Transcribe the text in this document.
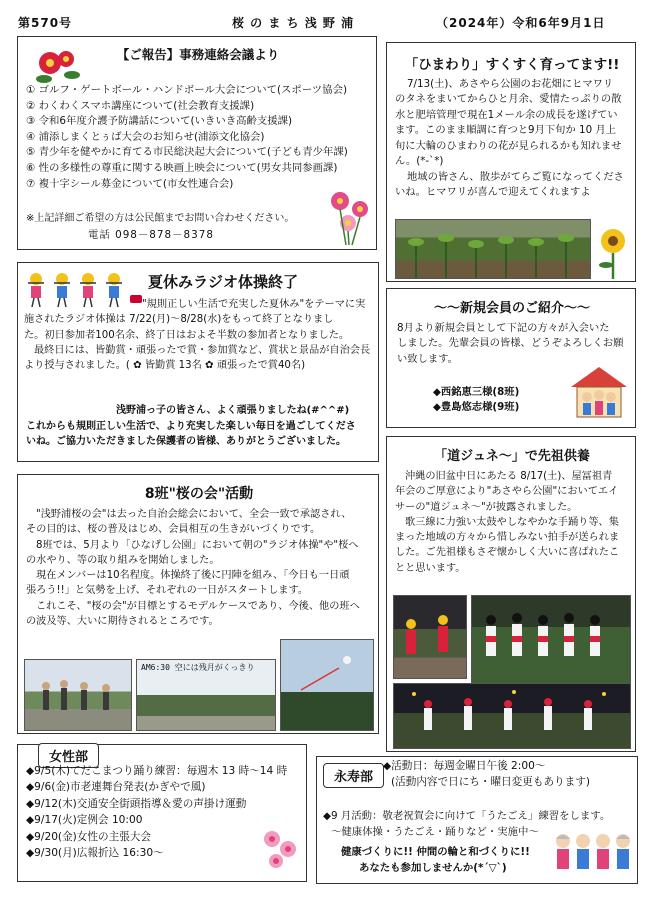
第570号	桜 の ま ち 浅 野 浦	（2024年）令和6年9月1日
【ご報告】事務連絡会議より
① ゴルフ・ゲートボール・ハンドボール大会について(スポーツ協会)
② わくわくスマホ講座について(社会教育支援課)
③ 令和6年度介護予防講話について(いきいき高齢支援課)
④ 浦添しまくとぅば大会のお知らせ(浦添文化協会)
⑤ 青少年を健やかに育てる市民総決起大会について(子ども青少年課)
⑥ 性の多様性の尊重に関する映画上映会について(男女共同参画課)
⑦ 複十字シール募金について(市女性連合会)
※上記詳細ご希望の方は公民館までお問い合わせください。
電話 098－878－8378
夏休みラジオ体操終了
"規則正しい生活で充実した夏休み"をテーマに実
施されたラジオ体操は 7/22(月)～8/28(水)をもって終了となりまし
た。初日参加者100名余、終了日はおよそ半数の参加者となりました。
最終日には、皆勤賞・頑張ったで賞・参加賞など、賞状と景品が自治会長
より授与されました。( ✿ 皆勤賞 13名 ✿ 頑張ったで賞40名)
浅野浦っ子の皆さん、よく頑張りましたね(#^^#)
これからも規則正しい生活で、より充実した楽しい毎日を過ごしてくださ
いね。ご協力いただきました保護者の皆様、ありがとうございました。
8班"桜の会"活動
"浅野浦桜の会"は去った自治会総会において、全会一致で承認され、
その目的は、桜の普及はじめ、会員相互の生きがいづくりです。
8班では、5月より「ひなげし公園」において朝の"ラジオ体操"や"桜へ
の水やり、等の取り組みを開始しました。
現在メンバーは10名程度。体操終了後に円陣を組み、「今日も一日頑
張ろう!!」と気勢を上げ、それぞれの一日がスタートします。
これこそ、"桜の会"が目標とするモデルケースであり、今後、他の班へ
の波及等、大いに期待されるところです。
AM6:30 空には残月がくっきり
「ひまわり」すくすく育ってます!!
7/13(土)、あさやら公園のお花畑にヒマワリ
のタネをまいてからひと月余、愛情たっぷりの散
水と肥培管理で現在1メール余の成長を遂げてい
ます。このまま順調に育つと9月下旬か 10 月上
旬に大輪のひまわりの花が見られるかも知れませ
ん。(*-`*)
地域の皆さん、散歩がてらご覧になってくださ
いね。ヒマワリが喜んで迎えてくれますよ
～～新規会員のご紹介～～
8月より新規会員として下記の方々が入会いた
しました。先輩会員の皆様、どうぞよろしくお願
い致します。
◆西銘恵三様(8班)
◆豊島悠志様(9班)
「道ジュネ～」で先祖供養
沖縄の旧盆中日にあたる 8/17(土)、屋冨祖青
年会のご厚意により"あさやら公園"においてエイ
サーの"道ジュネ～"が披露されました。
歌三線に力強い太鼓やしなやかな手踊り等、集
まった地域の方々から惜しみない拍手が送られま
した。ご先祖様もさぞ懐かしく大いに喜ばれたこ
とと思います。
女性部
◆9/5(木)てだこまつり踊り練習：毎週木 13 時～14 時
◆9/6(金)市老連舞台発表(かぎやで風)
◆9/12(木)交通安全街頭指導＆愛の声掛け運動
◆9/17(火)定例会 10:00
◆9/20(金)女性の主張大会
◆9/30(月)広報折込 16:30～
永寿部
◆活動日：毎週金曜日午後 2:00～
(活動内容で日にち・曜日変更もあります)
◆9 月活動：敬老祝賀会に向けて「うたごえ」練習をします。
～健康体操・うたごえ・踊りなど・実施中～
健康づくりに!! 仲間の輪と和づくりに!!
あなたも参加しませんか(*´▽`)
